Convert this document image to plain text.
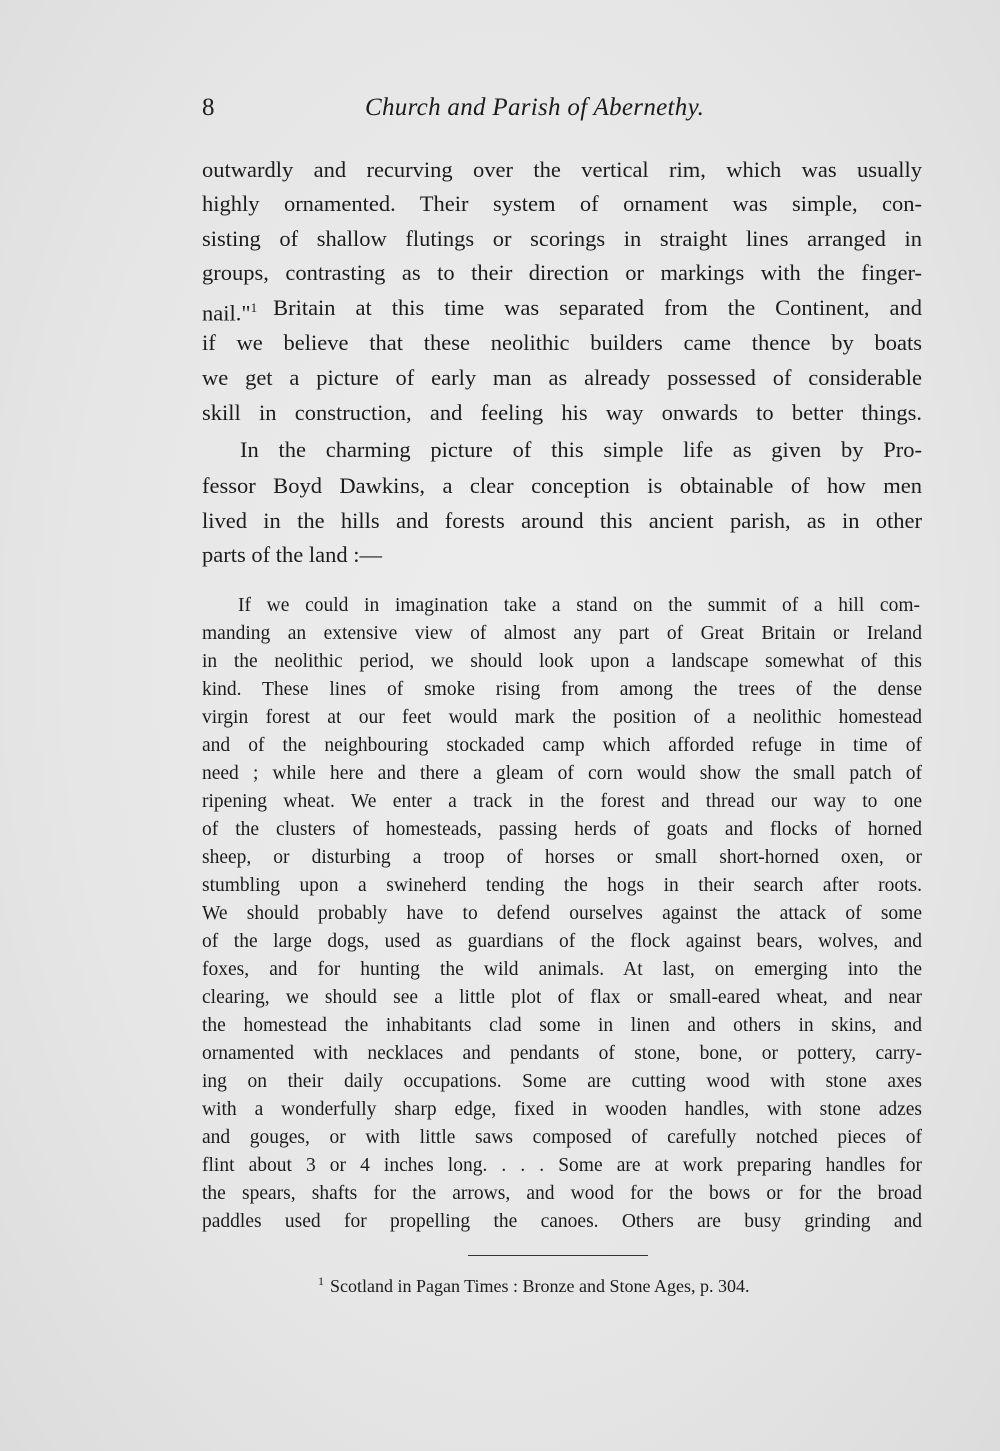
8	Church and Parish of Abernethy.
outwardly and recurving over the vertical rim, which was usually
highly ornamented. Their system of ornament was simple, con-
sisting of shallow flutings or scorings in straight lines arranged in
groups, contrasting as to their direction or markings with the finger-
nail."$^1$ Britain at this time was separated from the Continent, and
if we believe that these neolithic builders came thence by boats
we get a picture of early man as already possessed of considerable
skill in construction, and feeling his way onwards to better things.
In the charming picture of this simple life as given by Pro-
fessor Boyd Dawkins, a clear conception is obtainable of how men
lived in the hills and forests around this ancient parish, as in other
parts of the land :—
If we could in imagination take a stand on the summit of a hill com-
manding an extensive view of almost any part of Great Britain or Ireland
in the neolithic period, we should look upon a landscape somewhat of this
kind. These lines of smoke rising from among the trees of the dense
virgin forest at our feet would mark the position of a neolithic homestead
and of the neighbouring stockaded camp which afforded refuge in time of
need ; while here and there a gleam of corn would show the small patch of
ripening wheat. We enter a track in the forest and thread our way to one
of the clusters of homesteads, passing herds of goats and flocks of horned
sheep, or disturbing a troop of horses or small short-horned oxen, or
stumbling upon a swineherd tending the hogs in their search after roots.
We should probably have to defend ourselves against the attack of some
of the large dogs, used as guardians of the flock against bears, wolves, and
foxes, and for hunting the wild animals. At last, on emerging into the
clearing, we should see a little plot of flax or small-eared wheat, and near
the homestead the inhabitants clad some in linen and others in skins, and
ornamented with necklaces and pendants of stone, bone, or pottery, carry-
ing on their daily occupations. Some are cutting wood with stone axes
with a wonderfully sharp edge, fixed in wooden handles, with stone adzes
and gouges, or with little saws composed of carefully notched pieces of
flint about 3 or 4 inches long. . . . Some are at work preparing handles for
the spears, shafts for the arrows, and wood for the bows or for the broad
paddles used for propelling the canoes. Others are busy grinding and
$^1$ Scotland in Pagan Times : Bronze and Stone Ages, p. 304.
